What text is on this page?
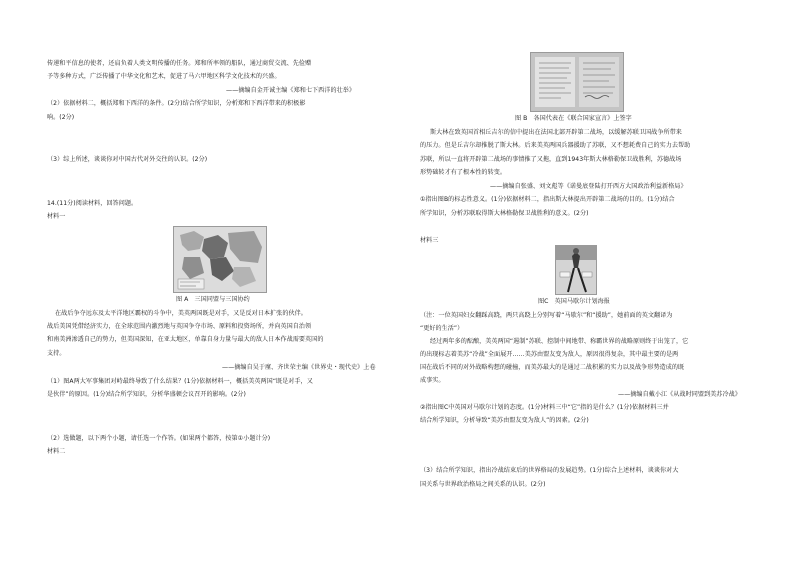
传递和平信息的使者，还肩负着人类文明传播的任务。郑和所率领的船队，通过商贸交流、先俭赠
予等多种方式，广泛传播了中华文化和艺术，促进了马六甲地区科学文化技术的兴盛。
——摘编自金开诚主编《郑和七下西洋的壮举》
（2）依据材料二，概括郑和下西洋的条件。(2分)结合所学知识，分析郑和下西洋带来的积极影
响。(2分)
（3）综上所述，谈谈你对中国古代对外交往的认识。(2分)
14.(11分)阅读材料，回答问题。
材料一
图 A　三国同盟与三国协约
在战后争夺远东及太平洋地区霸权的斗争中，美英两国既是对手，又是反对日本扩张的伙伴。
战后美国凭借经济实力，在全球范围内激烈地与英国争夺市场、原料和投资场所，并向英国自治领
和南美洲渗透自己的势力，但美国深知，在亚太地区，单靠自身力量与最大的敌人日本作战需要英国的
支持。
——摘编自吴于廑、齐世荣主编《世界史・现代史》上卷
（1）图A两大军事集团对峙最终导致了什么结果？(1分)依据材料一，概括美英两国“既是对手，又
是伙伴”的原因。(1分)结合所学知识，分析华盛顿会议召开的影响。(2分)
（2）选做题，以下两个小题，请任选一个作答。(如果两个都答，按第①小题计分)
材料二
图 B　各国代表在《联合国家宣言》上签字
斯大林在致英国首相丘吉尔的信中提出在法国北部开辟第二战场，以缓解苏联卫国战争所带来
的压力。但是丘吉尔却推脱了斯大林。后来美英两国兵器援助了苏联，又不想耗费自己的实力去帮助
苏联，所以一直将开辟第二战场的事情推了又拖，直到1943年斯大林格勒保卫战胜利，苏德战场
形势础转才有了根本性的转变。
——摘编自张盛、刘文彪等《诺曼底登陆打开西方大国政治利益新格局》
①指出图B的标志性意义。(1分)依据材料二，指出斯大林提出开辟第二战场的目的。(1分)结合
所学知识，分析苏联取得斯大林格勒保卫战胜利的意义。(2分)
材料三
图C　英国马歇尔计划海报
（注：一位英国妇女翻踩高跷，两只高跷上分别写着“马歇尔”和“援助”，她前面的英文翻译为
“更好的生活”）
经过两年多的酝酿，美英两国“遏制”苏联、控制中间地带、称霸世界的战略原则终于出笼了，它
的出现标志着美苏“冷战”全面展开……美苏由盟友变为敌人，原因很得复杂，其中最主要的是两
国在战后不同的对外战略构想的碰撞，而美苏最大的是通过二战积累的实力以及战争形势造成的既
成事实。
——摘编自戴小江《从战时同盟到美苏冷战》
②指出图C中英国对马歇尔计划的态度。(1分)材料三中“它”指的是什么？(1分)依据材料三并
结合所学知识，分析导致“美苏由盟友变为敌人”的因素。(2分)
（3）结合所学知识，指出冷战结束后的世界格局的发展趋势。(1分)综合上述材料，谈谈你对大
国关系与世界政治格局之间关系的认识。(2分)
